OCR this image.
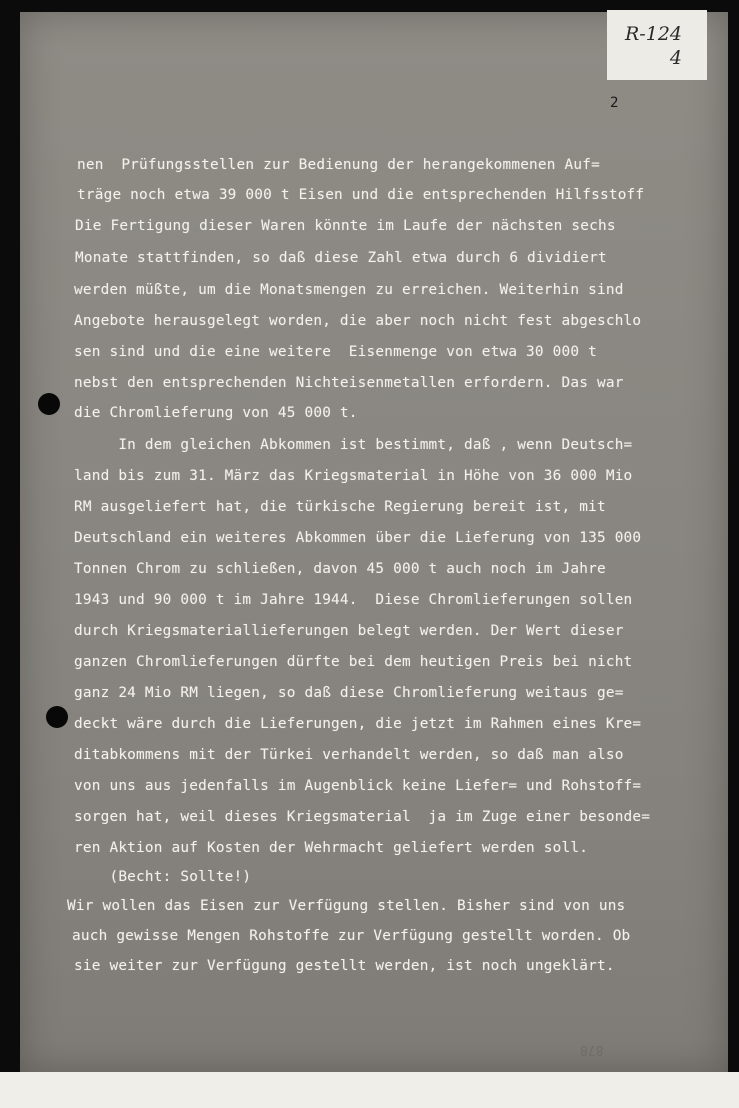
R-124
4
2
nen  Prüfungsstellen zur Bedienung der herangekommenen Auf=
träge noch etwa 39 000 t Eisen und die entsprechenden Hilfsstoff
Die Fertigung dieser Waren könnte im Laufe der nächsten sechs
Monate stattfinden, so daß diese Zahl etwa durch 6 dividiert
werden müßte, um die Monatsmengen zu erreichen. Weiterhin sind
Angebote herausgelegt worden, die aber noch nicht fest abgeschlo
sen sind und die eine weitere  Eisenmenge von etwa 30 000 t
nebst den entsprechenden Nichteisenmetallen erfordern. Das war
die Chromlieferung von 45 000 t.
In dem gleichen Abkommen ist bestimmt, daß , wenn Deutsch=
land bis zum 31. März das Kriegsmaterial in Höhe von 36 000 Mio
RM ausgeliefert hat, die türkische Regierung bereit ist, mit
Deutschland ein weiteres Abkommen über die Lieferung von 135 000
Tonnen Chrom zu schließen, davon 45 000 t auch noch im Jahre
1943 und 90 000 t im Jahre 1944.  Diese Chromlieferungen sollen
durch Kriegsmateriallieferungen belegt werden. Der Wert dieser
ganzen Chromlieferungen dürfte bei dem heutigen Preis bei nicht
ganz 24 Mio RM liegen, so daß diese Chromlieferung weitaus ge=
deckt wäre durch die Lieferungen, die jetzt im Rahmen eines Kre=
ditabkommens mit der Türkei verhandelt werden, so daß man also
von uns aus jedenfalls im Augenblick keine Liefer= und Rohstoff=
sorgen hat, weil dieses Kriegsmaterial  ja im Zuge einer besonde=
ren Aktion auf Kosten der Wehrmacht geliefert werden soll.
(Becht: Sollte!)
Wir wollen das Eisen zur Verfügung stellen. Bisher sind von uns
auch gewisse Mengen Rohstoffe zur Verfügung gestellt worden. Ob
sie weiter zur Verfügung gestellt werden, ist noch ungeklärt.
878
